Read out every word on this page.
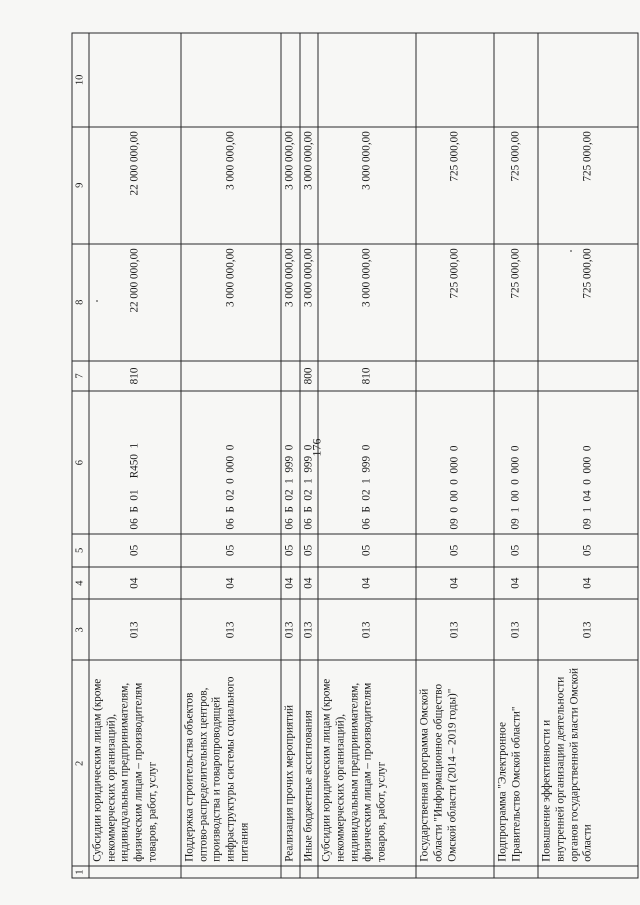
176
1	2	3	4	5	6	7	8	9	10
	Субсидии юридическим лицам (кроме некоммерческих организаций), индивидуальным предпринимателям, физическим лицам – производителям товаров, работ, услуг	013	04	05	06  Б  01    R450  1	810	22 000 000,00	22 000 000,00	
	Поддержка строительства объектов оптово-распределительных центров, производства и товаропроводящей инфраструктуры системы социального питания	013	04	05	06  Б  02  0  000  0		3 000 000,00	3 000 000,00	
	Реализация прочих мероприятий	013	04	05	06  Б  02  1  999  0		3 000 000,00	3 000 000,00	
	Иные бюджетные ассигнования	013	04	05	06  Б  02  1  999  0	800	3 000 000,00	3 000 000,00	
	Субсидии юридическим лицам (кроме некоммерческих организаций), индивидуальным предпринимателям, физическим лицам – производителям товаров, работ, услуг	013	04	05	06  Б  02  1  999  0	810	3 000 000,00	3 000 000,00	
	Государственная программа Омской области "Информационное общество Омской области (2014 – 2019 годы)"	013	04	05	09  0  00  0  000  0		725 000,00	725 000,00	
	Подпрограмма "Электронное Правительство Омской области"	013	04	05	09  1  00  0  000  0		725 000,00	725 000,00	
	Повышение эффективности и внутренней организации деятельности органов государственной власти Омской области	013	04	05	09  1  04  0  000  0		725 000,00	725 000,00	
